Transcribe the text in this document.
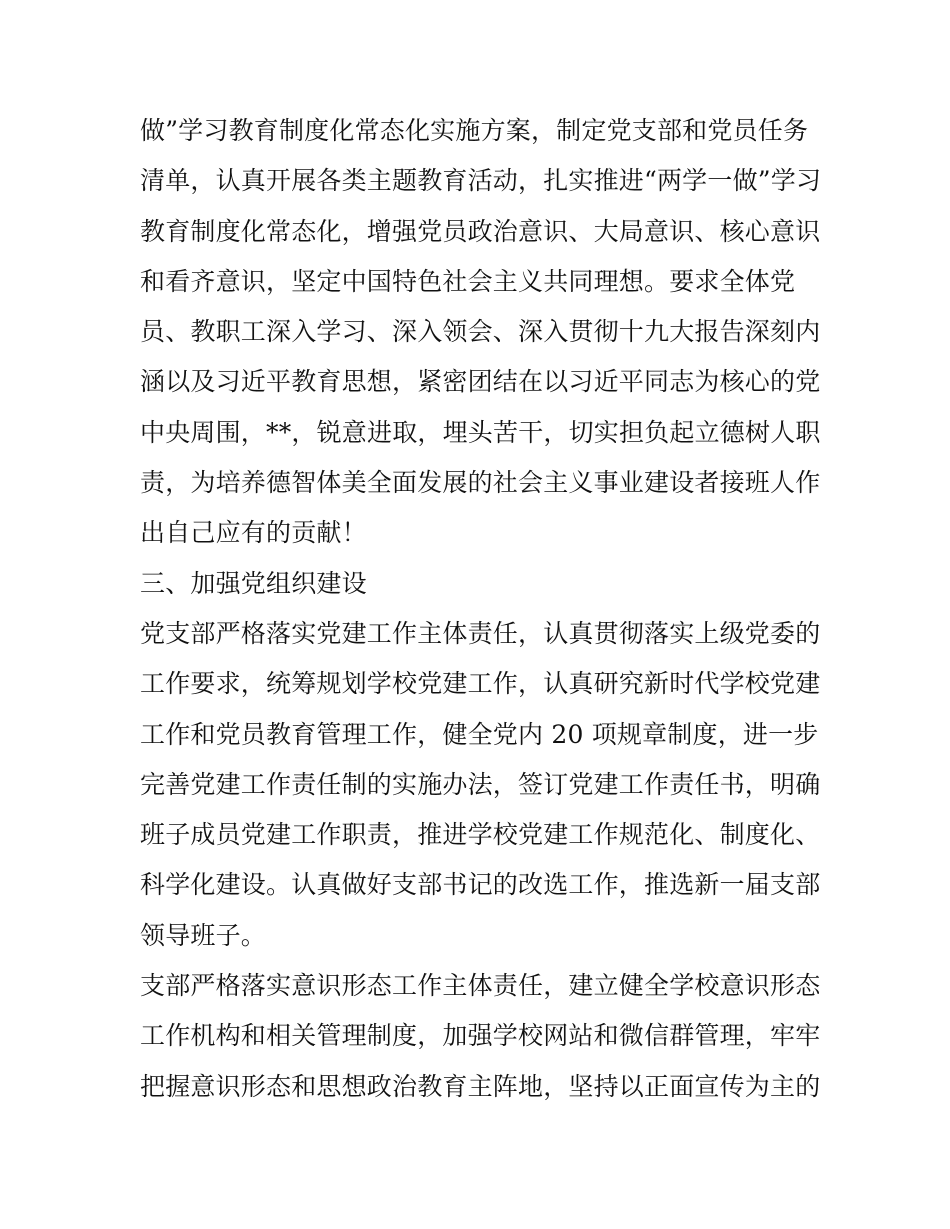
做”学习教育制度化常态化实施方案，制定党支部和党员任务
清单，认真开展各类主题教育活动，扎实推进“两学一做”学习
教育制度化常态化，增强党员政治意识、大局意识、核心意识
和看齐意识，坚定中国特色社会主义共同理想。要求全体党
员、教职工深入学习、深入领会、深入贯彻十九大报告深刻内
涵以及习近平教育思想，紧密团结在以习近平同志为核心的党
中央周围，**，锐意进取，埋头苦干，切实担负起立德树人职
责，为培养德智体美全面发展的社会主义事业建设者接班人作
出自己应有的贡献！
三、加强党组织建设
党支部严格落实党建工作主体责任，认真贯彻落实上级党委的
工作要求，统筹规划学校党建工作，认真研究新时代学校党建
工作和党员教育管理工作，健全党内 20 项规章制度，进一步
完善党建工作责任制的实施办法，签订党建工作责任书，明确
班子成员党建工作职责，推进学校党建工作规范化、制度化、
科学化建设。认真做好支部书记的改选工作，推选新一届支部
领导班子。
支部严格落实意识形态工作主体责任，建立健全学校意识形态
工作机构和相关管理制度，加强学校网站和微信群管理，牢牢
把握意识形态和思想政治教育主阵地，坚持以正面宣传为主的
